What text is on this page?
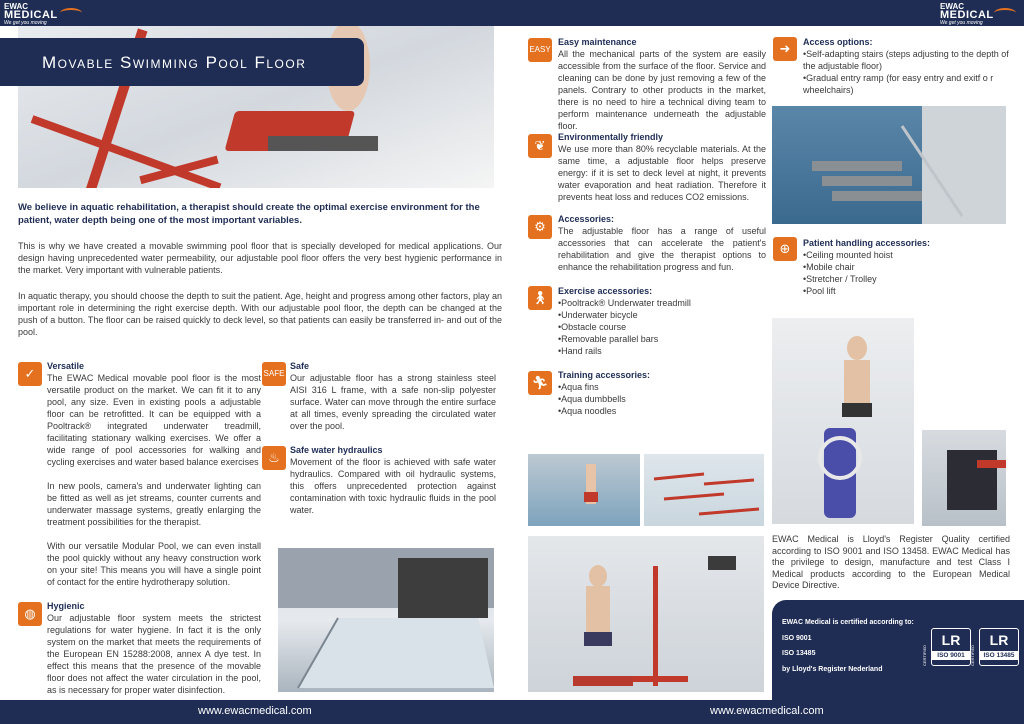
EWAC
MEDICAL
We get you moving
EWAC
MEDICAL
We get you moving
Movable Swimming Pool Floor
We believe in aquatic rehabilitation, a therapist should create the optimal exercise environment for the patient, water depth being one of the most important variables.

This is why we have created a movable swimming pool floor that is specially developed for medical applications. Our design having unprecedented water permeability, our adjustable pool floor offers the very best hygienic performance in the market. Very important with vulnerable patients.

In aquatic therapy, you should choose the depth to suit the patient. Age, height and progress among other factors, play an important role in determining the right exercise depth. With our adjustable pool floor, the depth can be changed at the push of a button. The floor can be raised quickly to deck level, so that patients can easily be transferred in- and out of the pool.

✓	Versatile

The EWAC Medical movable pool floor is the most versatile product on the market. We can fit it to any pool, any size. Even in existing pools a adjustable floor can be retrofitted. It can be equipped with a Pooltrack® integrated underwater treadmill, facilitating stationary walking exercises. We offer a wide range of pool accessories for walking and cycling exercises and water based balance exercises

In new pools, camera's and underwater lighting can be fitted as well as jet streams, counter currents and underwater massage systems, greatly enlarging the treatment possibilities for the therapist.

With our versatile Modular Pool, we can even install the pool quickly without any heavy construction work on your site! This means you will have a single point of contact for the entire hydrotherapy solution.

◍	Hygienic

Our adjustable floor system meets the strictest regulations for water hygiene. In fact it is the only system on the market that meets the requirements of the European EN 15288:2008, annex A dye test. In effect this means that the presence of the movable floor does not affect the water circulation in the pool, as is necessary for proper water disinfection.

SAFE
Safe

Our adjustable floor has a strong stainless steel AISI 316 L frame, with a safe non-slip polyester surface. Water can move through the entire surface at all times, evenly spreading the circulated water over the pool.

♨	Safe water hydraulics

Movement of the floor is achieved with safe water hydraulics. Compared with oil hydraulic systems, this offers unprecedented protection against contamination with toxic hydraulic fluids in the pool water.

EASY
Easy maintenance

All the mechanical parts of the system are easily accessible from the surface of the floor. Service and cleaning can be done by just removing a few of the panels. Contrary to other products in the market, there is no need to hire a technical diving team to perform maintenance underneath the adjustable floor.

❦
Environmentally friendly

We use more than 80% recyclable materials. At the same time, a adjustable floor helps preserve energy: if it is set to deck level at night, it prevents water evaporation and heat radiation. Therefore it prevents heat loss and reduces CO2 emissions.

⚙	Accessories:

The adjustable floor has a range of useful accessories that can accelerate the patient's rehabilitation and give the therapist options to enhance the rehabilitation progress and fun.

🚶︎	Exercise accessories:
• Pooltrack® Underwater treadmill
• Underwater bicycle
• Obstacle course
• Removable parallel bars
• Hand rails
🏃︎	Training accessories:
• Aqua fins
• Aqua dumbbells
• Aqua noodles
➜	Access options:
• Self-adapting stairs (steps adjusting to the depth of the adjustable floor)
• Gradual entry ramp (for easy entry and exitf o r wheelchairs)
⊕	Patient handling accessories:
• Ceiling mounted hoist
• Mobile chair
• Stretcher / Trolley
• Pool lift

EWAC Medical is Lloyd's Register Quality certified according to ISO 9001 and ISO 13458. EWAC Medical has the privilege to design, manufacture and test Class I Medical products according to the European Medical Device Directive.

EWAC Medical is certified according to:
ISO 9001
ISO 13485
by Lloyd's Register Nederland
CERTIFIED
LR
ISO 9001	CERTIFIED
LR
ISO 13485
www.ewacmedical.com	www.ewacmedical.com
